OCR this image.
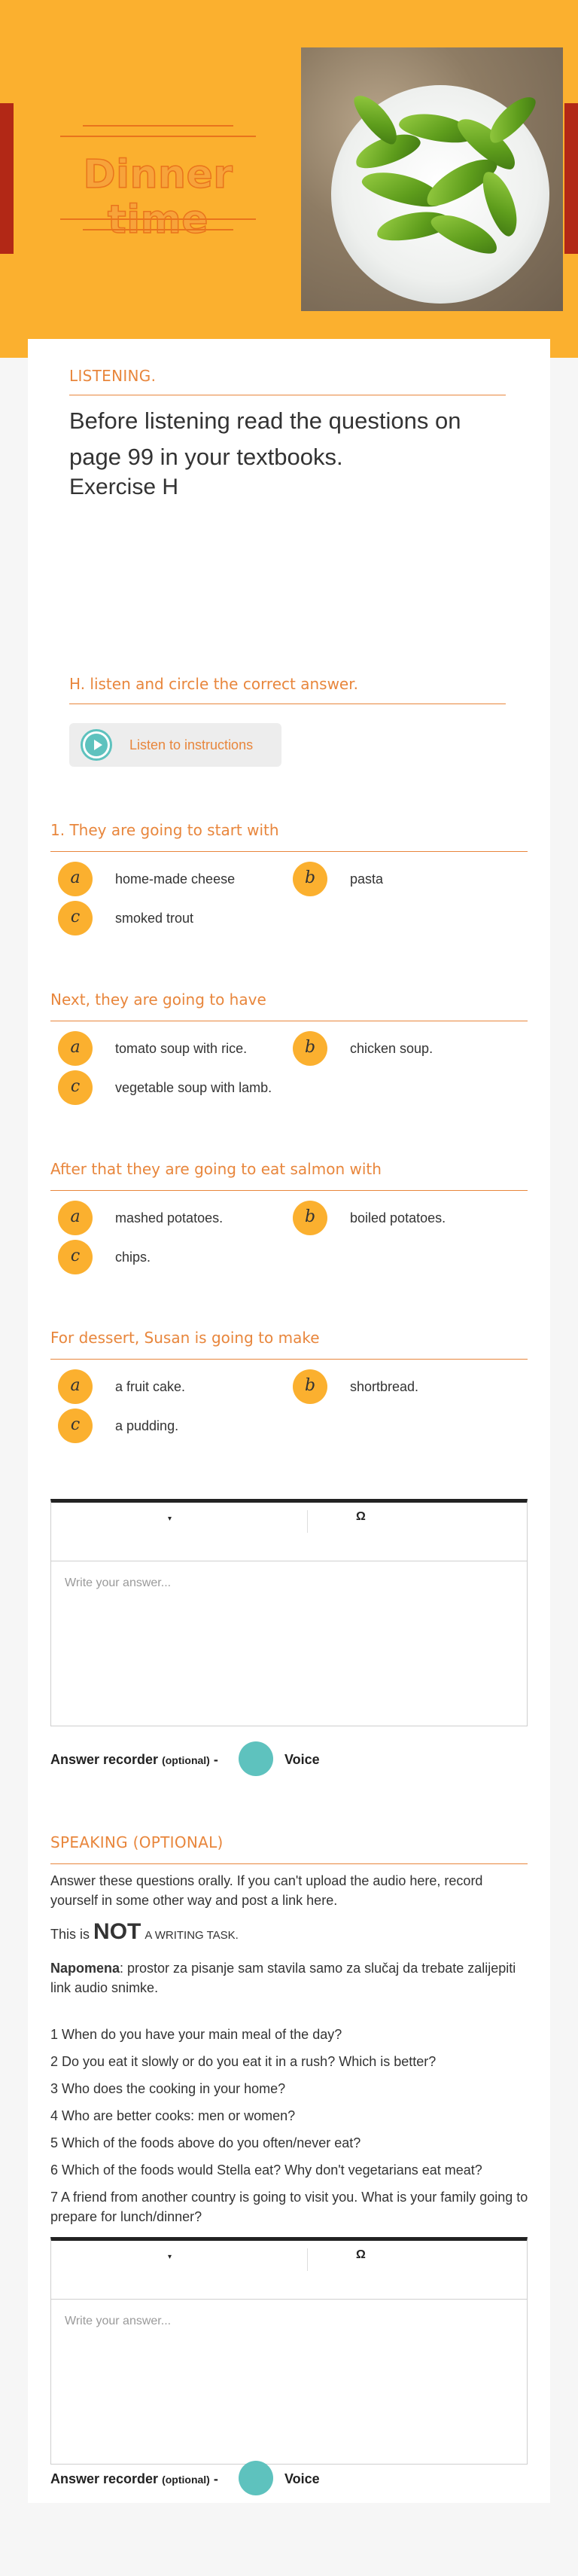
Dinner time
LISTENING.
Before listening read the questions on page 99 in your textbooks.
Exercise H
H. listen and circle the correct answer.
Listen to instructions
1. They are going to start with
a	home-made cheese	b	pasta
c	smoked trout
Next, they are going to have
a	tomato soup with rice.	b	chicken soup.
c	vegetable soup with lamb.
After that they are going to eat salmon with
a	mashed potatoes.	b	boiled potatoes.
c	chips.
For dessert, Susan is going to make
a	a fruit cake.	b	shortbread.
c	a pudding.
▾	Ω
Write your answer...
Answer recorder (optional) -	Voice
SPEAKING (OPTIONAL)
Answer these questions orally. If you can't upload the audio here, record yourself in some other way and post a link here.
This is NOT A WRITING TASK.
Napomena: prostor za pisanje sam stavila samo za slučaj da trebate zalijepiti link audio snimke.
1 When do you have your main meal of the day?
2 Do you eat it slowly or do you eat it in a rush? Which is better?
3 Who does the cooking in your home?
4 Who are better cooks: men or women?
5 Which of the foods above do you often/never eat?
6 Which of the foods would Stella eat? Why don't vegetarians eat meat?
7 A friend from another country is going to visit you. What is your family going to prepare for lunch/dinner?
▾	Ω
Write your answer...
Answer recorder (optional) -	Voice
